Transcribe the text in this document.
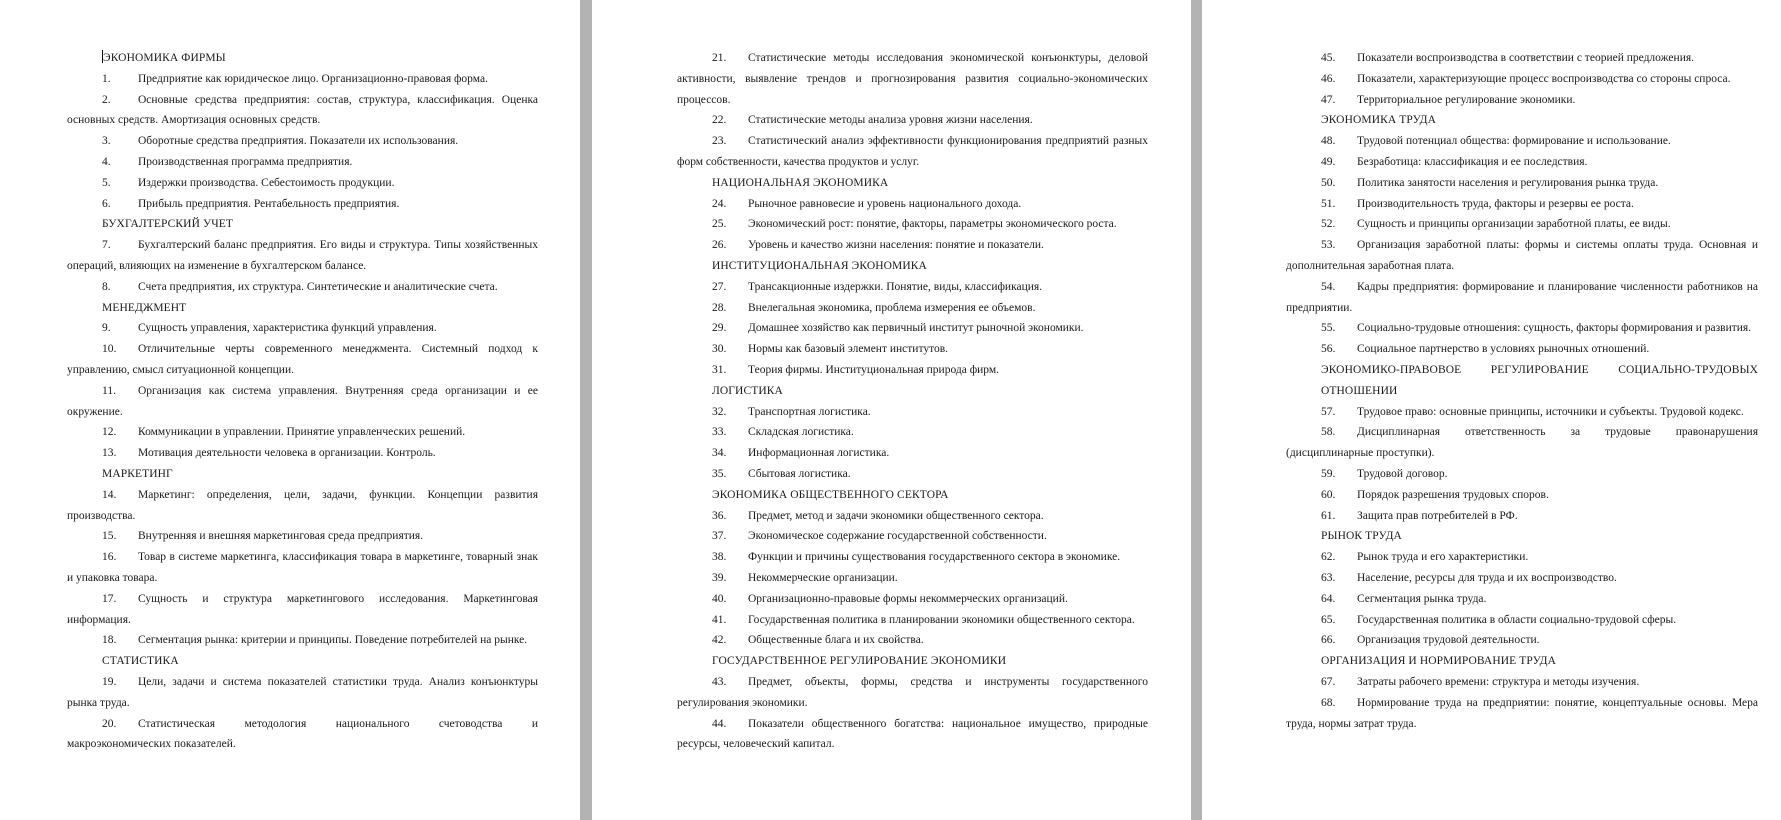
ЭКОНОМИКА ФИРМЫ
1. Предприятие как юридическое лицо. Организационно-правовая форма.
2. Основные средства предприятия: состав, структура, классификация. Оценка основных средств. Амортизация основных средств.
3. Оборотные средства предприятия. Показатели их использования.
4. Производственная программа предприятия.
5. Издержки производства. Себестоимость продукции.
6. Прибыль предприятия. Рентабельность предприятия.
БУХГАЛТЕРСКИЙ УЧЕТ
7. Бухгалтерский баланс предприятия. Его виды и структура. Типы хозяйственных операций, влияющих на изменение в бухгалтерском балансе.
8. Счета предприятия, их структура. Синтетические и аналитические счета.
МЕНЕДЖМЕНТ
9. Сущность управления, характеристика функций управления.
10. Отличительные черты современного менеджмента. Системный подход к управлению, смысл ситуационной концепции.
11. Организация как система управления. Внутренняя среда организации и ее окружение.
12. Коммуникации в управлении. Принятие управленческих решений.
13. Мотивация деятельности человека в организации. Контроль.
МАРКЕТИНГ
14. Маркетинг: определения, цели, задачи, функции. Концепции развития производства.
15. Внутренняя и внешняя маркетинговая среда предприятия.
16. Товар в системе маркетинга, классификация товара в маркетинге, товарный знак и упаковка товара.
17. Сущность и структура маркетингового исследования. Маркетинговая информация.
18. Сегментация рынка: критерии и принципы. Поведение потребителей на рынке.
СТАТИСТИКА
19. Цели, задачи и система показателей статистики труда. Анализ конъюнктуры рынка труда.
20. Статистическая методология национального счетоводства и макроэкономических показателей.
21. Статистические методы исследования экономической конъюнктуры, деловой активности, выявление трендов и прогнозирования развития социально-экономических процессов.
22. Статистические методы анализа уровня жизни населения.
23. Статистический анализ эффективности функционирования предприятий разных форм собственности, качества продуктов и услуг.
НАЦИОНАЛЬНАЯ ЭКОНОМИКА
24. Рыночное равновесие и уровень национального дохода.
25. Экономический рост: понятие, факторы, параметры экономического роста.
26. Уровень и качество жизни населения: понятие и показатели.
ИНСТИТУЦИОНАЛЬНАЯ ЭКОНОМИКА
27. Трансакционные издержки. Понятие, виды, классификация.
28. Внелегальная экономика, проблема измерения ее объемов.
29. Домашнее хозяйство как первичный институт рыночной экономики.
30. Нормы как базовый элемент институтов.
31. Теория фирмы. Институциональная природа фирм.
ЛОГИСТИКА
32. Транспортная логистика.
33. Складская логистика.
34. Информационная логистика.
35. Сбытовая логистика.
ЭКОНОМИКА ОБЩЕСТВЕННОГО СЕКТОРА
36. Предмет, метод и задачи экономики общественного сектора.
37. Экономическое содержание государственной собственности.
38. Функции и причины существования государственного сектора в экономике.
39. Некоммерческие организации.
40. Организационно-правовые формы некоммерческих организаций.
41. Государственная политика в планировании экономики общественного сектора.
42. Общественные блага и их свойства.
ГОСУДАРСТВЕННОЕ РЕГУЛИРОВАНИЕ ЭКОНОМИКИ
43. Предмет, объекты, формы, средства и инструменты государственного регулирования экономики.
44. Показатели общественного богатства: национальное имущество, природные ресурсы, человеческий капитал.
45. Показатели воспроизводства в соответствии с теорией предложения.
46. Показатели, характеризующие процесс воспроизводства со стороны спроса.
47. Территориальное регулирование экономики.
ЭКОНОМИКА ТРУДА
48. Трудовой потенциал общества: формирование и использование.
49. Безработица: классификация и ее последствия.
50. Политика занятости населения и регулирования рынка труда.
51. Производительность труда, факторы и резервы ее роста.
52. Сущность и принципы организации заработной платы, ее виды.
53. Организация заработной платы: формы и системы оплаты труда. Основная и дополнительная заработная плата.
54. Кадры предприятия: формирование и планирование численности работников на предприятии.
55. Социально-трудовые отношения: сущность, факторы формирования и развития.
56. Социальное партнерство в условиях рыночных отношений.
ЭКОНОМИКО-ПРАВОВОЕ РЕГУЛИРОВАНИЕ СОЦИАЛЬНО-ТРУДОВЫХ ОТНОШЕНИИ
57. Трудовое право: основные принципы, источники и субъекты. Трудовой кодекс.
58. Дисциплинарная ответственность за трудовые правонарушения (дисциплинарные проступки).
59. Трудовой договор.
60. Порядок разрешения трудовых споров.
61. Защита прав потребителей в РФ.
РЫНОК ТРУДА
62. Рынок труда и его характеристики.
63. Население, ресурсы для труда и их воспроизводство.
64. Сегментация рынка труда.
65. Государственная политика в области социально-трудовой сферы.
66. Организация трудовой деятельности.
ОРГАНИЗАЦИЯ И НОРМИРОВАНИЕ ТРУДА
67. Затраты рабочего времени: структура и методы изучения.
68. Нормирование труда на предприятии: понятие, концептуальные основы. Мера труда, нормы затрат труда.
